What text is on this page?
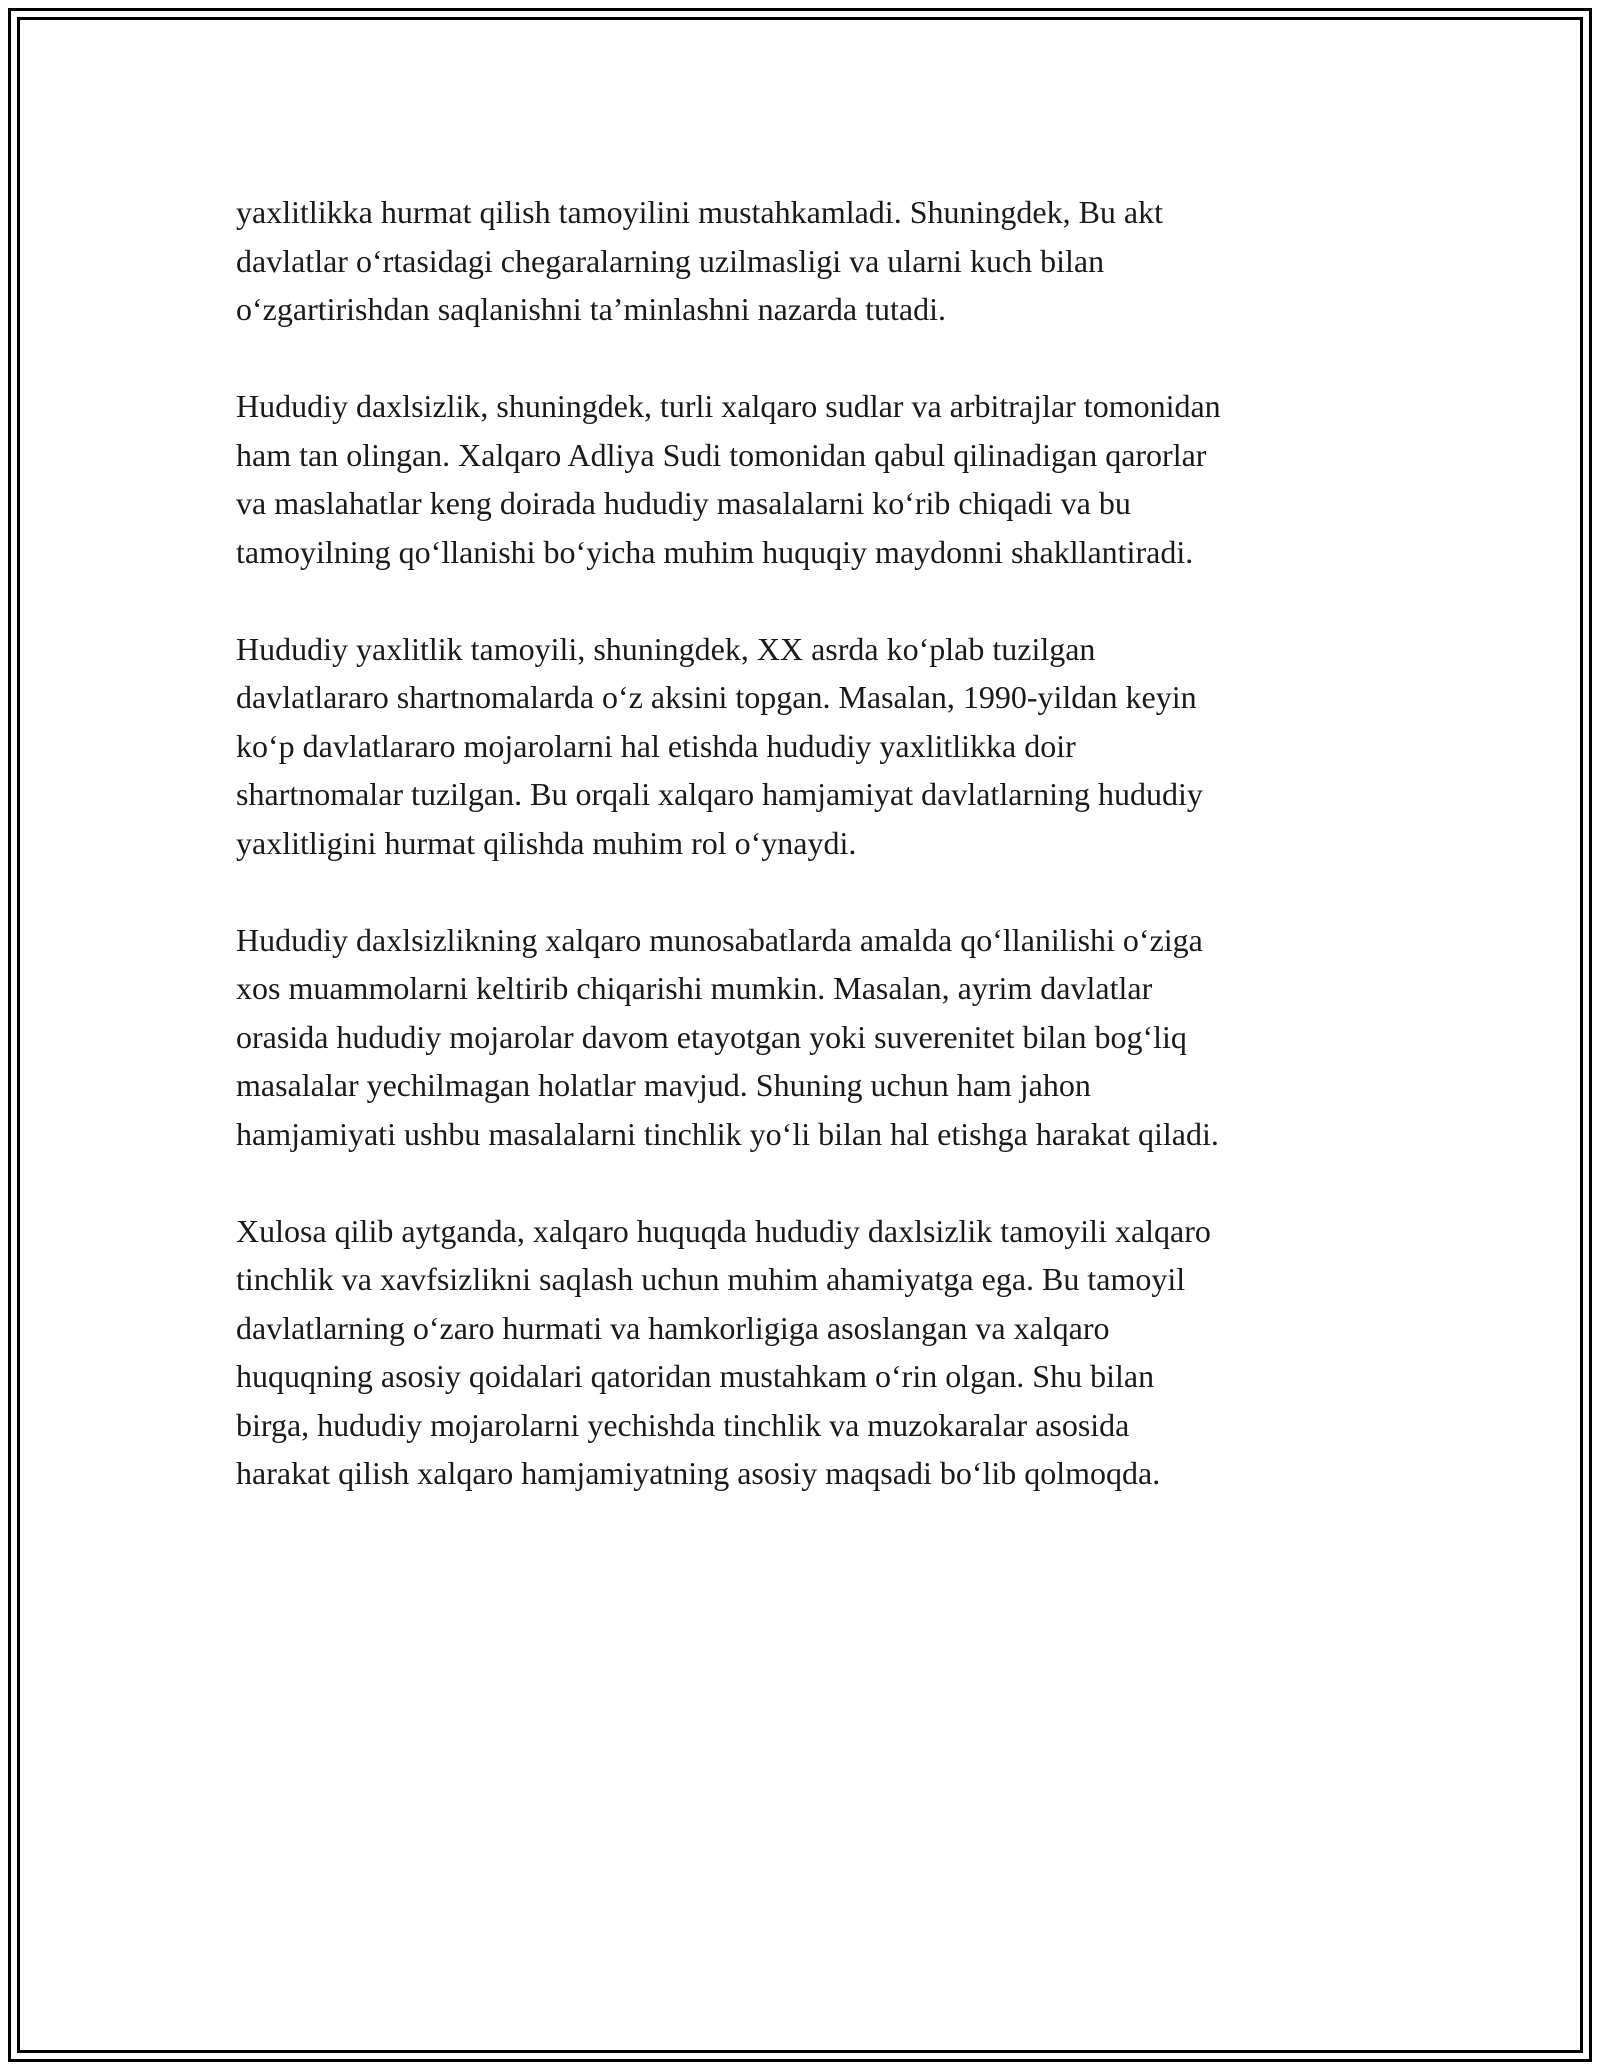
yaxlitlikka hurmat qilish tamoyilini mustahkamladi. Shuningdek, Bu akt
davlatlar o‘rtasidagi chegaralarning uzilmasligi va ularni kuch bilan
o‘zgartirishdan saqlanishni ta’minlashni nazarda tutadi.

Hududiy daxlsizlik, shuningdek, turli xalqaro sudlar va arbitrajlar tomonidan
ham tan olingan. Xalqaro Adliya Sudi tomonidan qabul qilinadigan qarorlar
va maslahatlar keng doirada hududiy masalalarni ko‘rib chiqadi va bu
tamoyilning qo‘llanishi bo‘yicha muhim huquqiy maydonni shakllantiradi.

Hududiy yaxlitlik tamoyili, shuningdek, XX asrda ko‘plab tuzilgan
davlatlararo shartnomalarda o‘z aksini topgan. Masalan, 1990-yildan keyin
ko‘p davlatlararo mojarolarni hal etishda hududiy yaxlitlikka doir
shartnomalar tuzilgan. Bu orqali xalqaro hamjamiyat davlatlarning hududiy
yaxlitligini hurmat qilishda muhim rol o‘ynaydi.

Hududiy daxlsizlikning xalqaro munosabatlarda amalda qo‘llanilishi o‘ziga
xos muammolarni keltirib chiqarishi mumkin. Masalan, ayrim davlatlar
orasida hududiy mojarolar davom etayotgan yoki suverenitet bilan bog‘liq
masalalar yechilmagan holatlar mavjud. Shuning uchun ham jahon
hamjamiyati ushbu masalalarni tinchlik yo‘li bilan hal etishga harakat qiladi.

Xulosa qilib aytganda, xalqaro huquqda hududiy daxlsizlik tamoyili xalqaro
tinchlik va xavfsizlikni saqlash uchun muhim ahamiyatga ega. Bu tamoyil
davlatlarning o‘zaro hurmati va hamkorligiga asoslangan va xalqaro
huquqning asosiy qoidalari qatoridan mustahkam o‘rin olgan. Shu bilan
birga, hududiy mojarolarni yechishda tinchlik va muzokaralar asosida
harakat qilish xalqaro hamjamiyatning asosiy maqsadi bo‘lib qolmoqda.
